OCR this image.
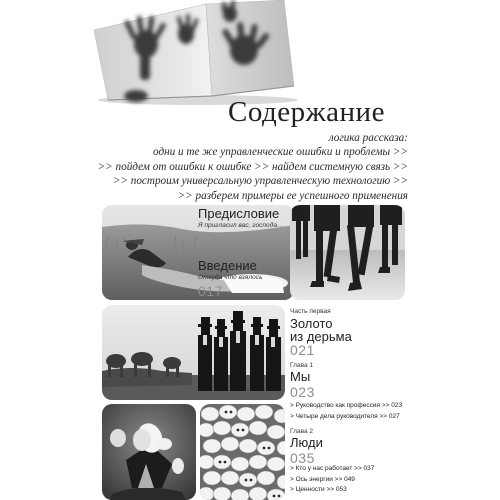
Содержание
логика рассказа:
одни и те же управленческие ошибки и проблемы >>
>> пойдем от ошибки к ошибке >> найдем системную связь >>
>> построим универсальную управленческую технологию >>
>> разберем примеры ее успешного применения
Предисловие
Я пригласил вас, господа…
011
Введение
Откуда что взялось
017
Часть первая
Золото
из дерьма
021
Глава 1
Мы
023
> Руководство как профессия >> 023
> Четыре дела руководителя >> 027
Глава 2
Люди
035
> Кто у нас работает >> 037
> Ось энергии >> 049
> Ценности >> 053
